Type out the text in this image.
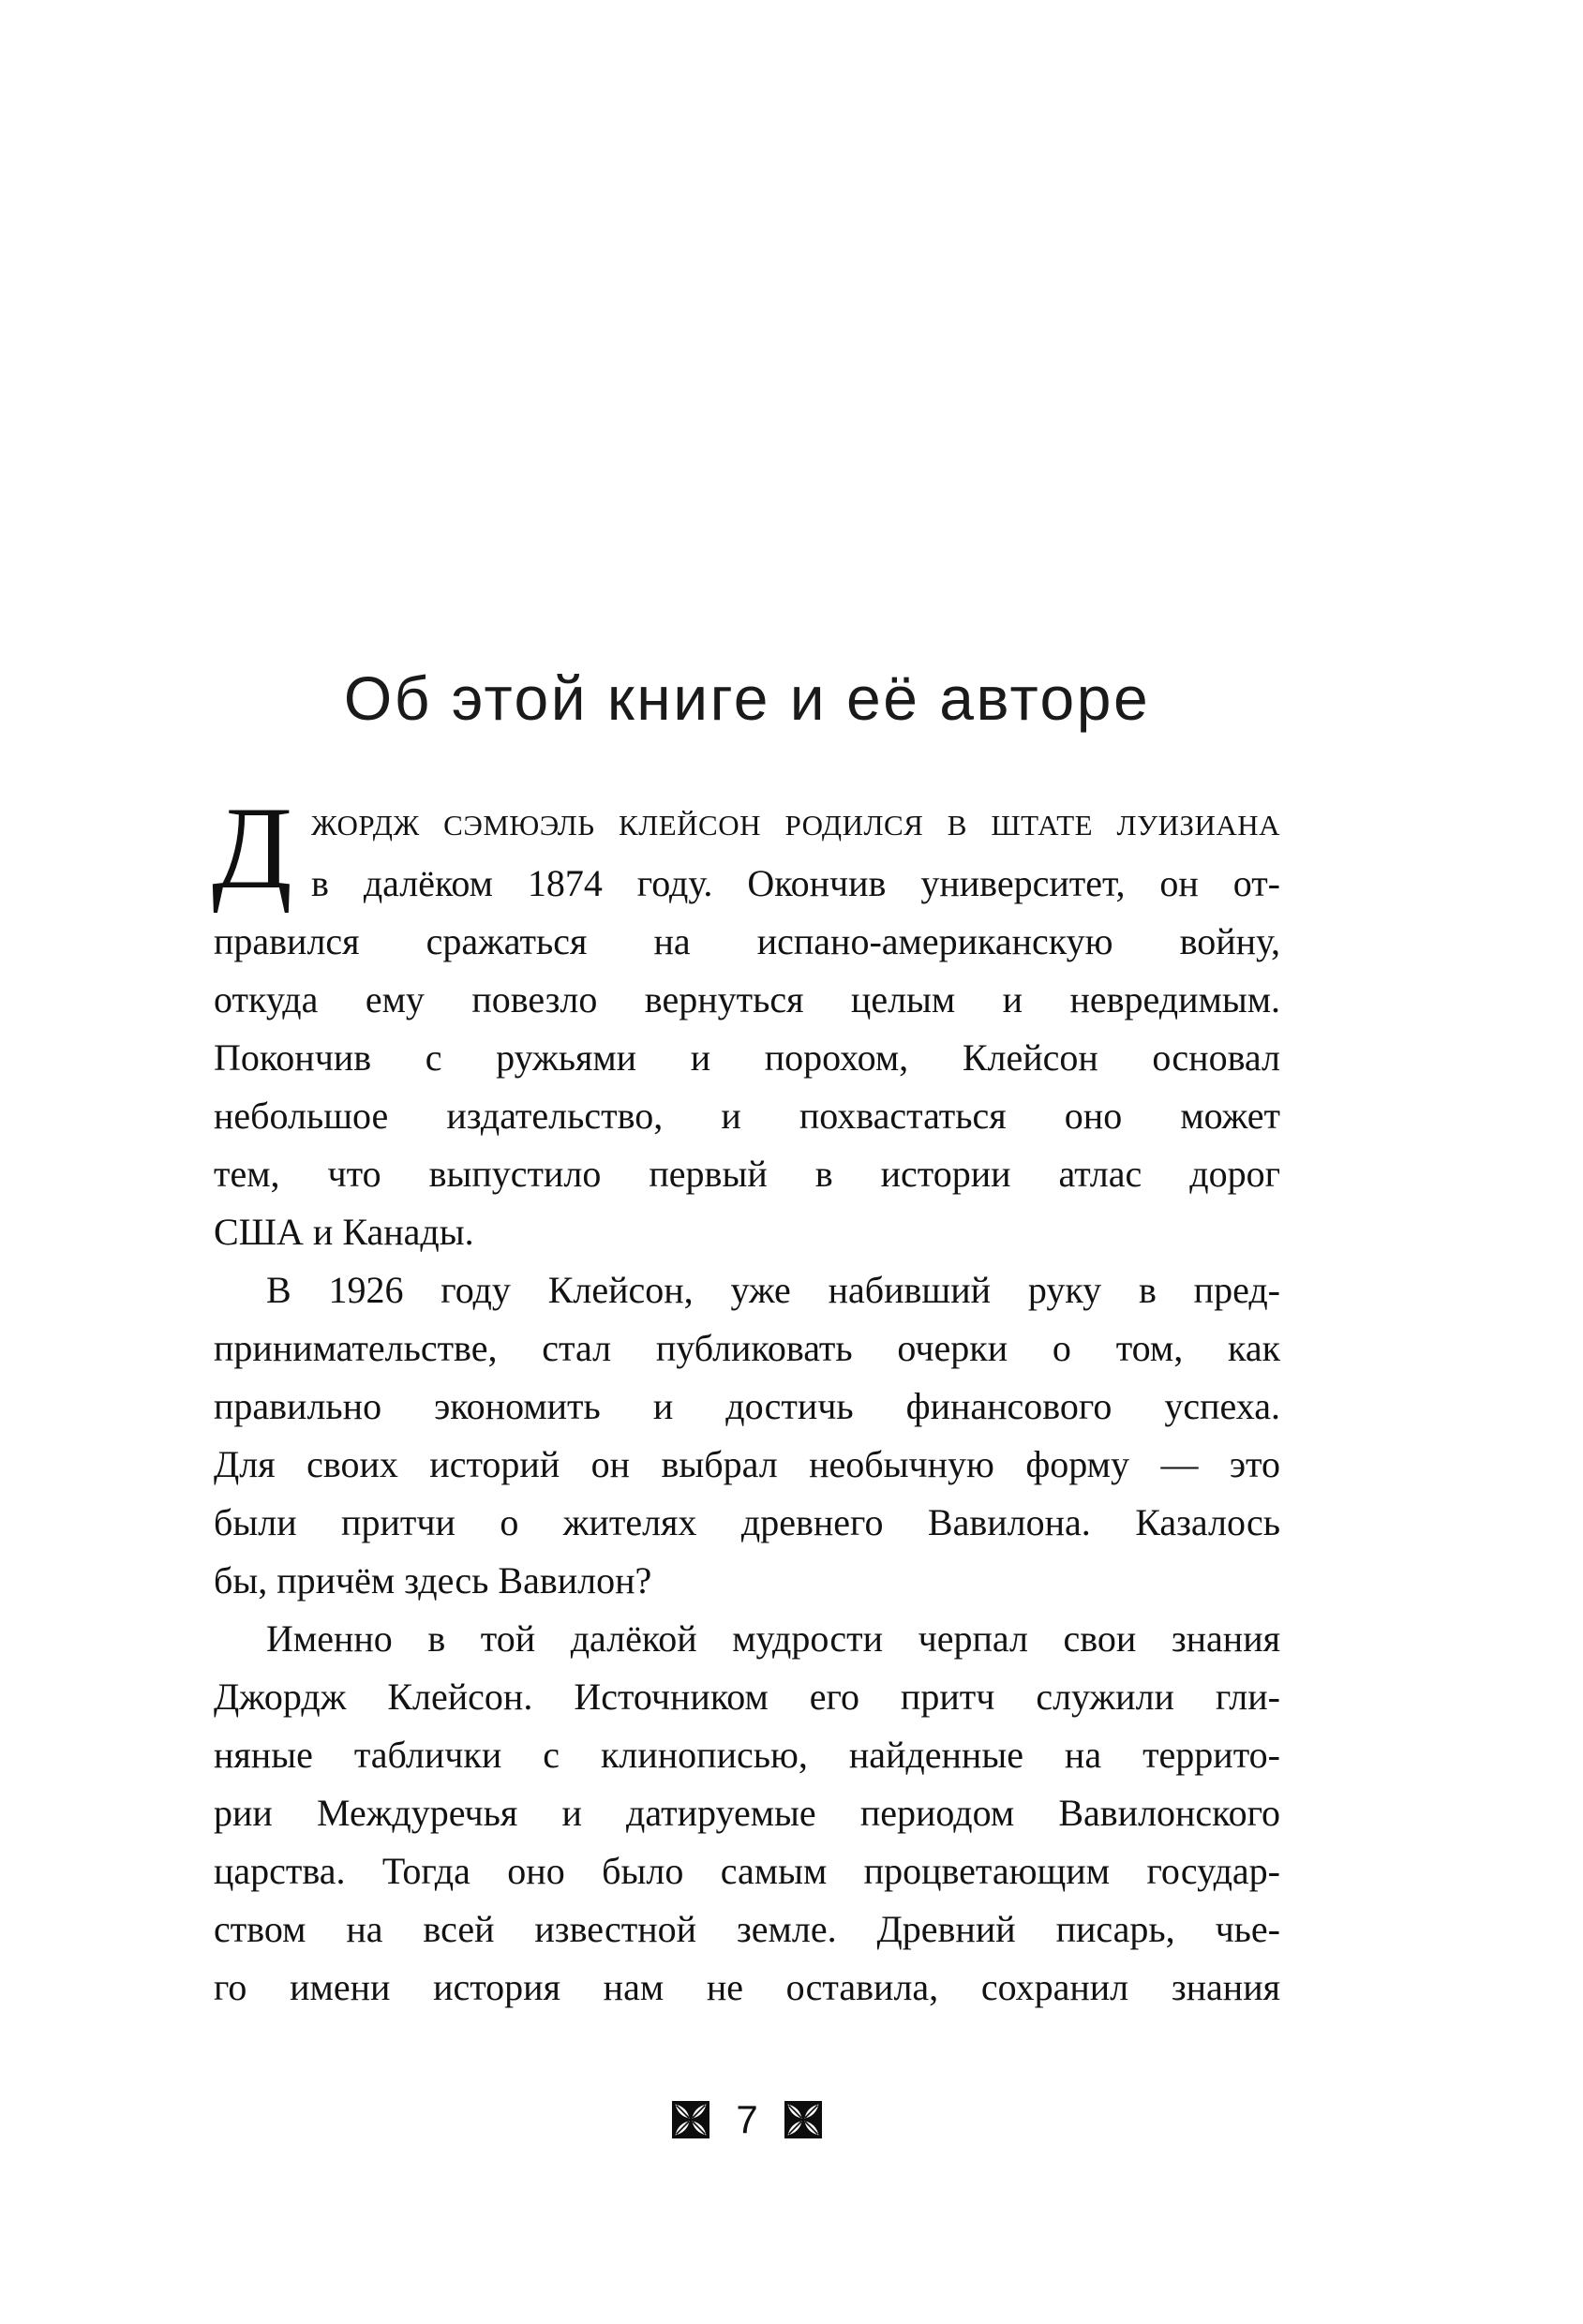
Об этой книге и её авторе
Д ЖОРДЖ СЭМЮЭЛЬ КЛЕЙСОН РОДИЛСЯ В ШТАТЕ ЛУИЗИАНА
в далёком 1874 году. Окончив университет, он от-
правился сражаться на испано-американскую войну,
откуда ему повезло вернуться целым и невредимым.
Покончив с ружьями и порохом, Клейсон основал
небольшое издательство, и похвастаться оно может
тем, что выпустило первый в истории атлас дорог
США и Канады.
В 1926 году Клейсон, уже набивший руку в пред-
принимательстве, стал публиковать очерки о том, как
правильно экономить и достичь финансового успеха.
Для своих историй он выбрал необычную форму — это
были притчи о жителях древнего Вавилона. Казалось
бы, причём здесь Вавилон?
Именно в той далёкой мудрости черпал свои знания
Джордж Клейсон. Источником его притч служили гли-
няные таблички с клинописью, найденные на террито-
рии Междуречья и датируемые периодом Вавилонского
царства. Тогда оно было самым процветающим государ-
ством на всей известной земле. Древний писарь, чье-
го имени история нам не оставила, сохранил знания
7
